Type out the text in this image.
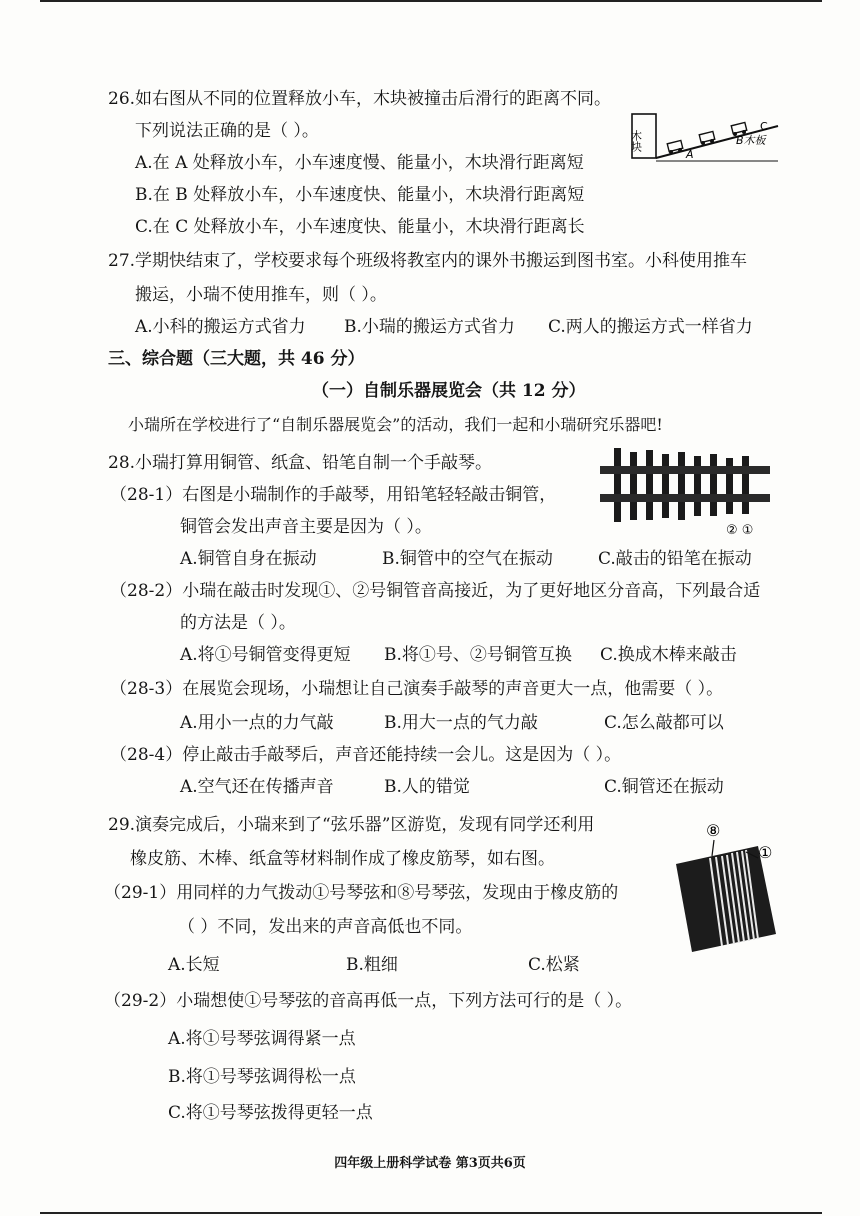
26.如右图从不同的位置释放小车，木块被撞击后滑行的距离不同。
下列说法正确的是（ ）。
A.在 A 处释放小车，小车速度慢、能量小，木块滑行距离短
B.在 B 处释放小车，小车速度快、能量小，木块滑行距离短
C.在 C 处释放小车，小车速度快、能量小，木块滑行距离长
木块
A
C
B木板
27.学期快结束了，学校要求每个班级将教室内的课外书搬运到图书室。小科使用推车
搬运，小瑞不使用推车，则（ ）。
A.小科的搬运方式省力 B.小瑞的搬运方式省力 C.两人的搬运方式一样省力
三、综合题（三大题，共 46 分）
（一）自制乐器展览会（共 12 分）
小瑞所在学校进行了“自制乐器展览会”的活动，我们一起和小瑞研究乐器吧!
28.小瑞打算用铜管、纸盒、铅笔自制一个手敲琴。
（28-1）右图是小瑞制作的手敲琴，用铅笔轻轻敲击铜管，
铜管会发出声音主要是因为（ ）。
A.铜管自身在振动	B.铜管中的空气在振动	C.敲击的铅笔在振动
② ①
（28-2）小瑞在敲击时发现①、②号铜管音高接近，为了更好地区分音高，下列最合适
的方法是（ ）。
A.将①号铜管变得更短 B.将①号、②号铜管互换 C.换成木棒来敲击
（28-3）在展览会现场，小瑞想让自己演奏手敲琴的声音更大一点，他需要（ ）。
A.用小一点的力气敲	B.用大一点的气力敲	C.怎么敲都可以
（28-4）停止敲击手敲琴后，声音还能持续一会儿。这是因为（ ）。
A.空气还在传播声音	B.人的错觉	C.铜管还在振动
29.演奏完成后，小瑞来到了“弦乐器”区游览，发现有同学还利用
橡皮筋、木棒、纸盒等材料制作成了橡皮筋琴，如右图。
（29-1）用同样的力气拨动①号琴弦和⑧号琴弦，发现由于橡皮筋的
（ ）不同，发出来的声音高低也不同。
A.长短	B.粗细	C.松紧
⑧
①
（29-2）小瑞想使①号琴弦的音高再低一点，下列方法可行的是（ ）。
A.将①号琴弦调得紧一点
B.将①号琴弦调得松一点
C.将①号琴弦拨得更轻一点
四年级上册科学试卷 第3页共6页
